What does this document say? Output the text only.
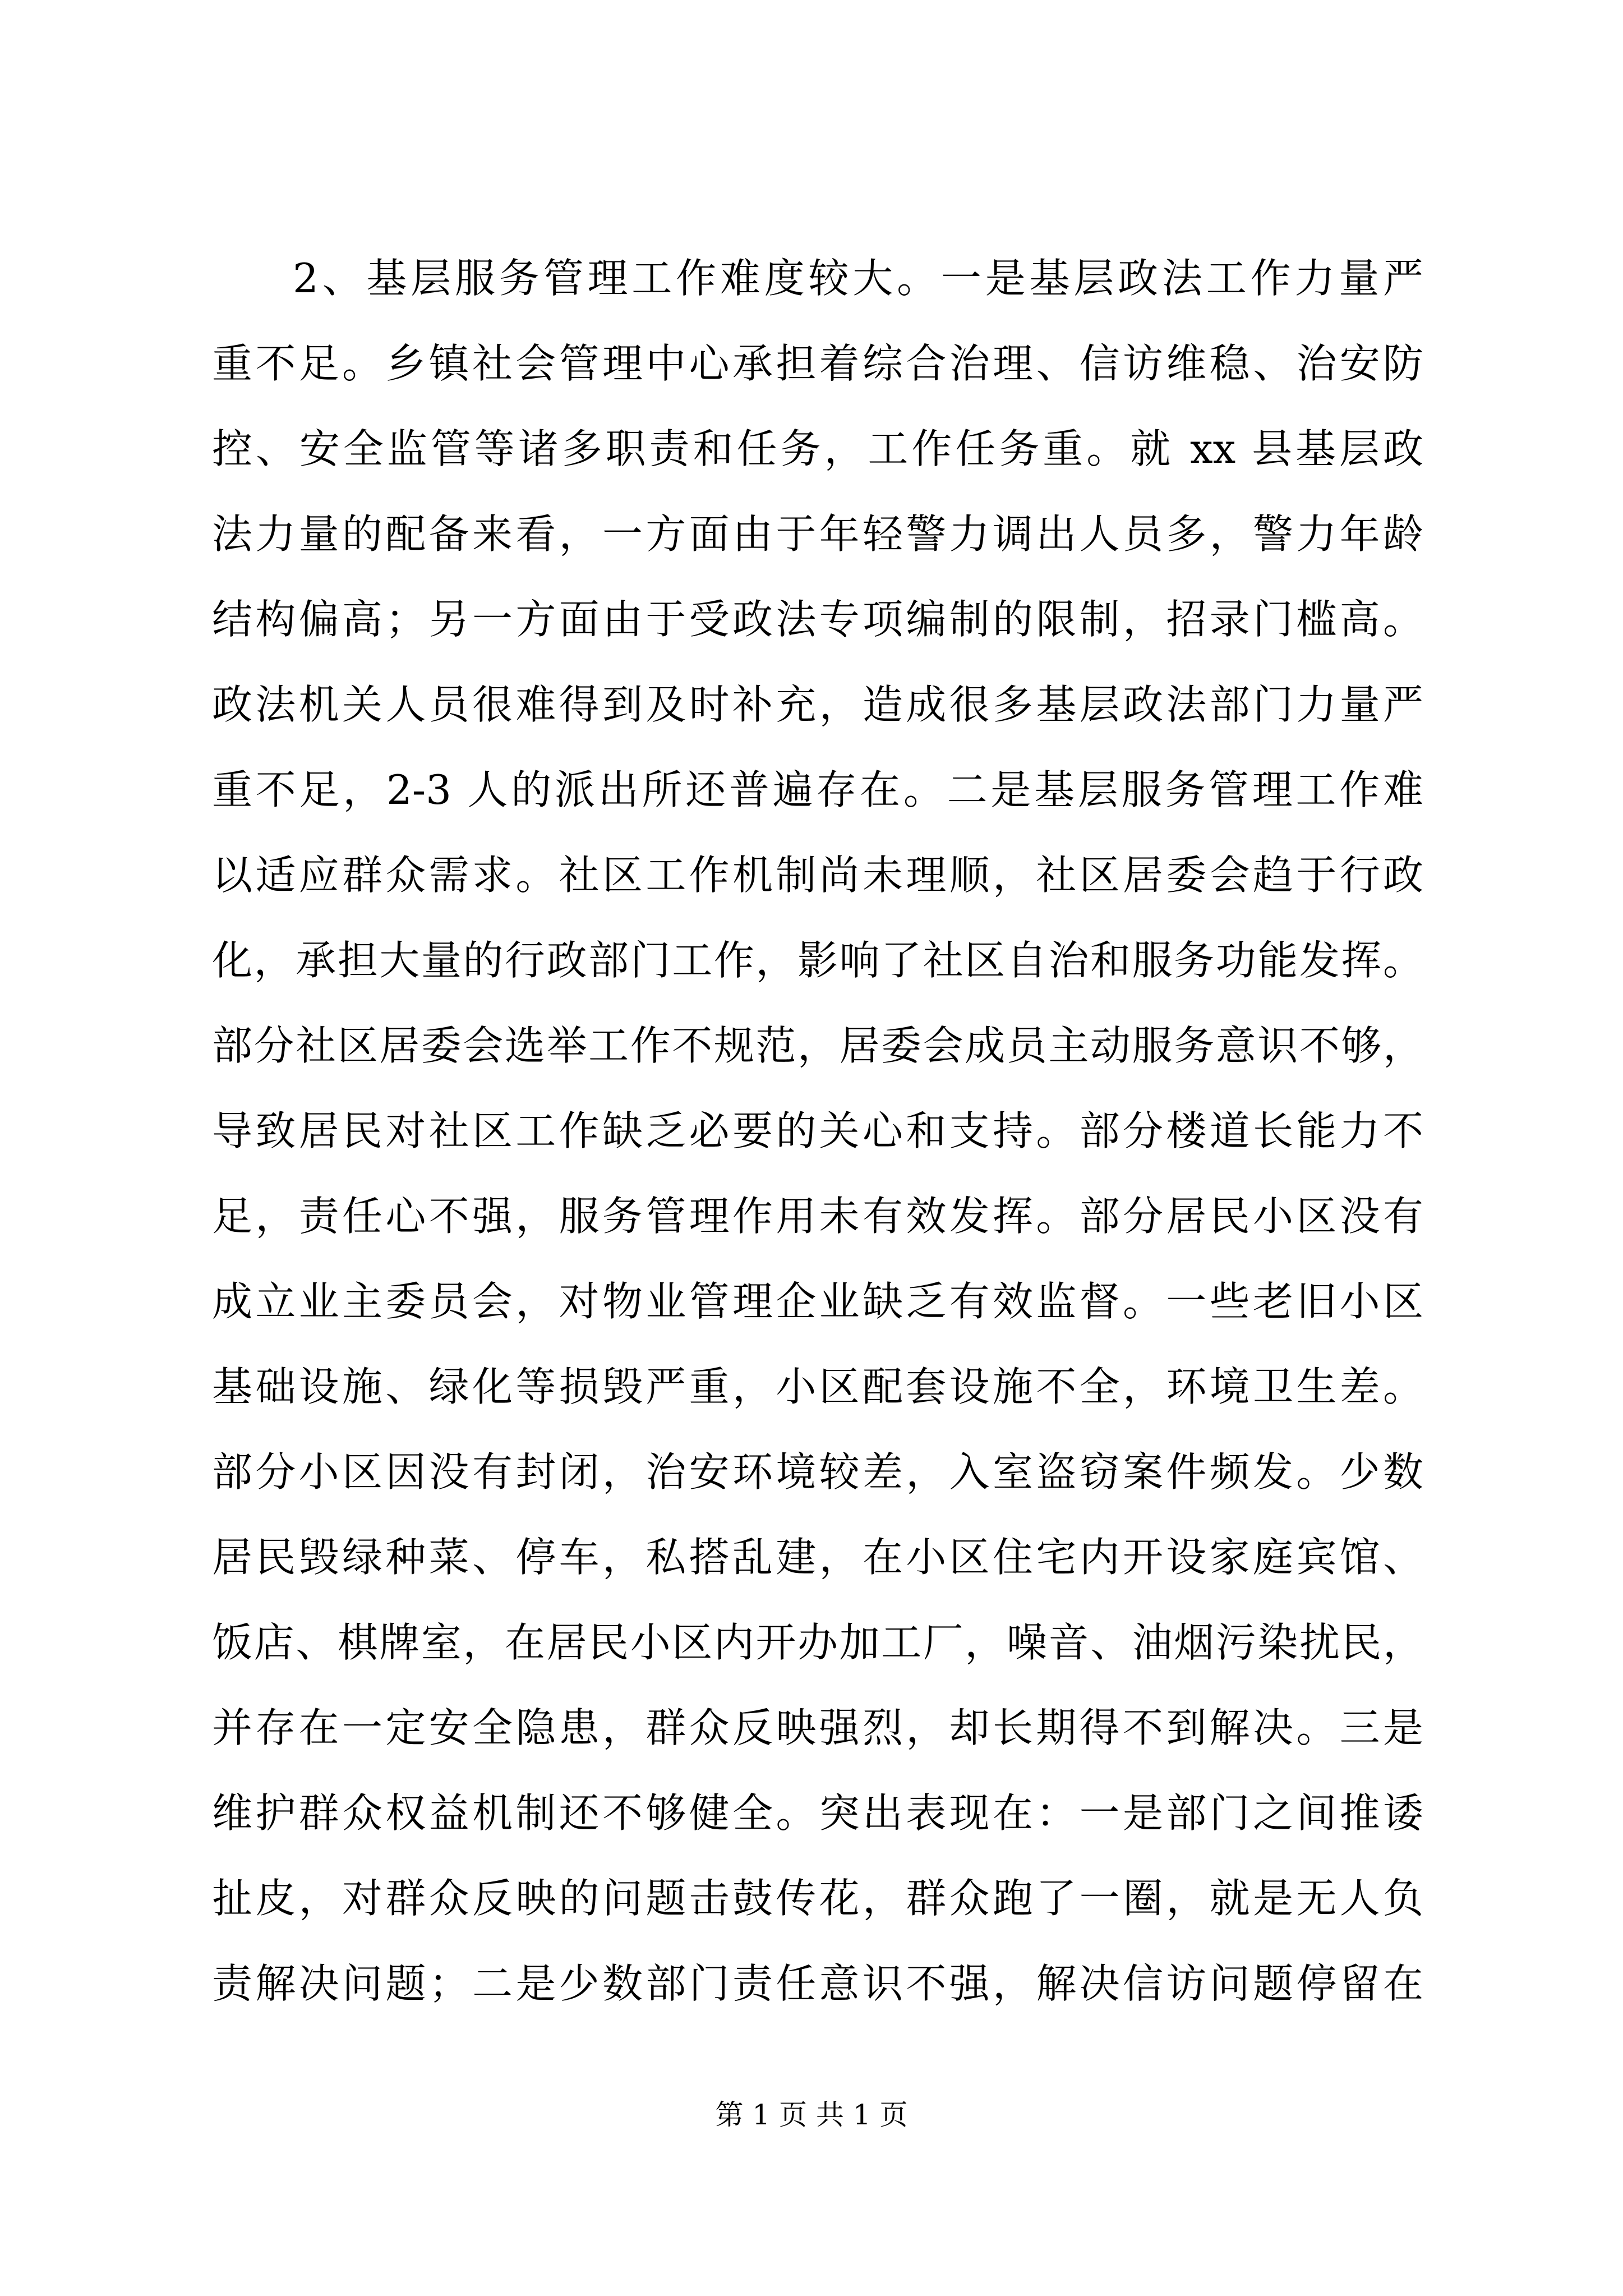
2、基层服务管理工作难度较大。一是基层政法工作力量严
重不足。乡镇社会管理中心承担着综合治理、信访维稳、治安防
控、安全监管等诸多职责和任务，工作任务重。就 xx 县基层政
法力量的配备来看，一方面由于年轻警力调出人员多，警力年龄
结构偏高；另一方面由于受政法专项编制的限制，招录门槛高。
政法机关人员很难得到及时补充，造成很多基层政法部门力量严
重不足，2-3 人的派出所还普遍存在。二是基层服务管理工作难
以适应群众需求。社区工作机制尚未理顺，社区居委会趋于行政
化，承担大量的行政部门工作，影响了社区自治和服务功能发挥。
部分社区居委会选举工作不规范，居委会成员主动服务意识不够，
导致居民对社区工作缺乏必要的关心和支持。部分楼道长能力不
足，责任心不强，服务管理作用未有效发挥。部分居民小区没有
成立业主委员会，对物业管理企业缺乏有效监督。一些老旧小区
基础设施、绿化等损毁严重，小区配套设施不全，环境卫生差。
部分小区因没有封闭，治安环境较差，入室盗窃案件频发。少数
居民毁绿种菜、停车，私搭乱建，在小区住宅内开设家庭宾馆、
饭店、棋牌室，在居民小区内开办加工厂，噪音、油烟污染扰民，
并存在一定安全隐患，群众反映强烈，却长期得不到解决。三是
维护群众权益机制还不够健全。突出表现在：一是部门之间推诿
扯皮，对群众反映的问题击鼓传花，群众跑了一圈，就是无人负
责解决问题；二是少数部门责任意识不强，解决信访问题停留在
第 1 页 共 1 页
